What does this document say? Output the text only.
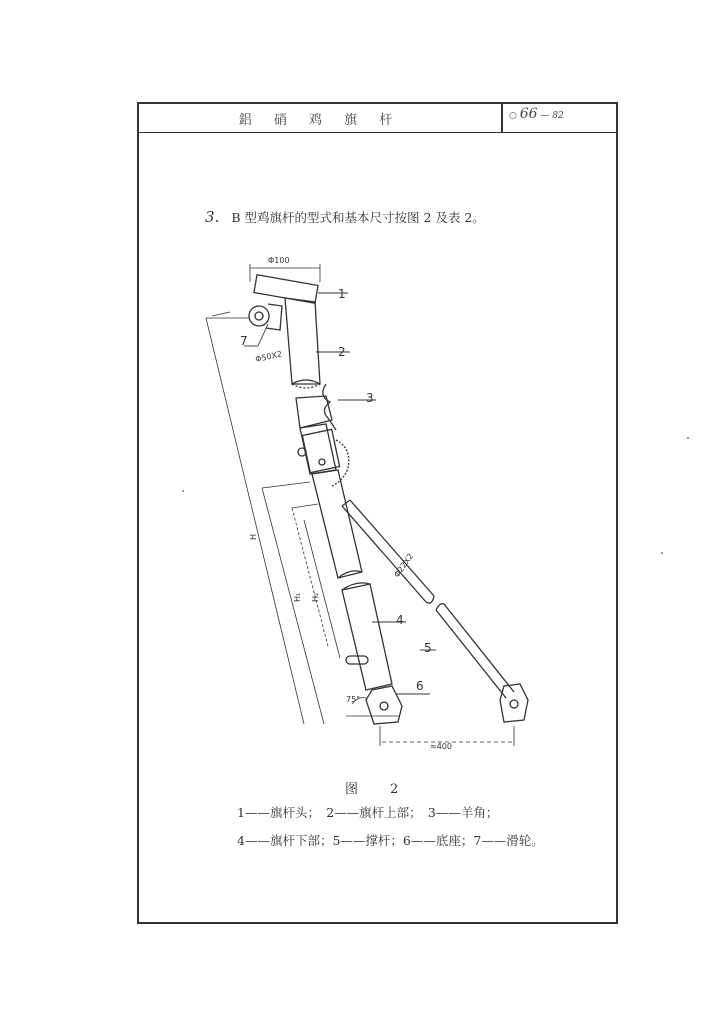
鋁 硝 鸡 旗 杆	○ 66 — 82
3. B 型鸡旗杆的型式和基本尺寸按图 2 及表 2。
1
2
3
4
5
6
7
Φ100
Φ50X2
Φ22X2
75°
≈400
H
H₁ H₂
图　　2
1——旗杆头；　2——旗杆上部；　3——羊角；
4——旗杆下部；5——撑杆；6——底座；7——滑轮。
